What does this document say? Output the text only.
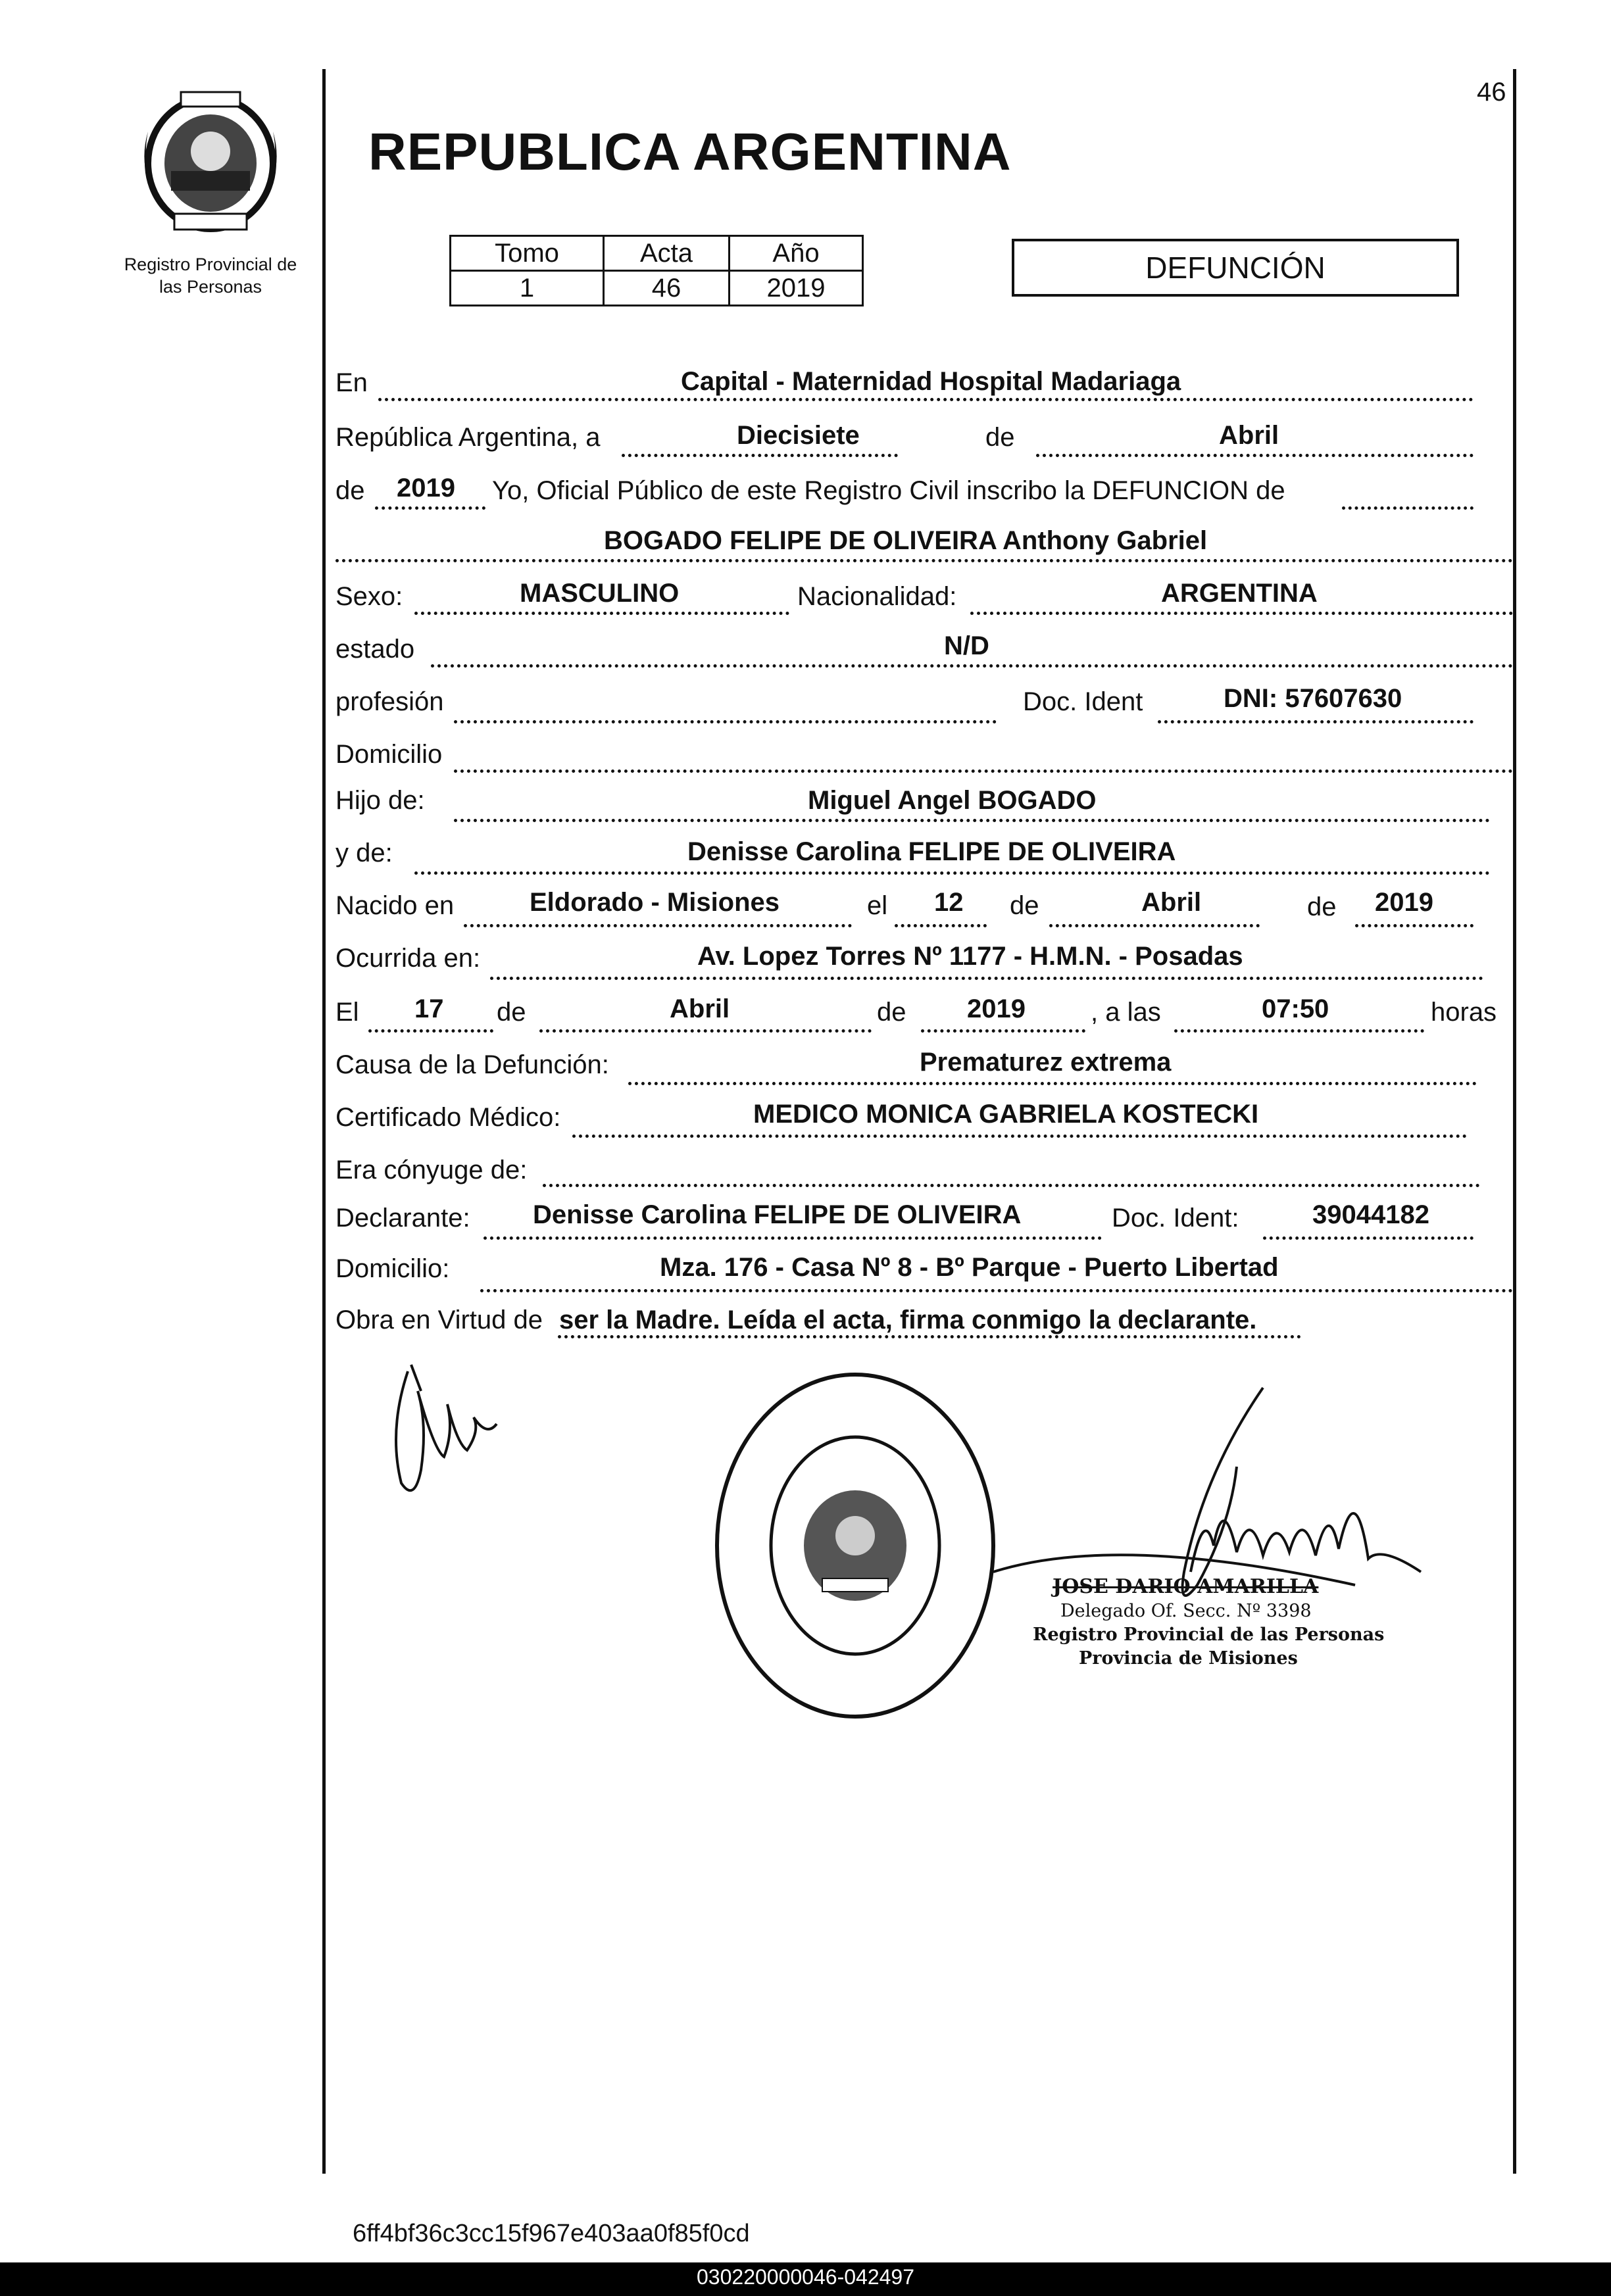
46
Registro Provincial de
las Personas
REPUBLICA ARGENTINA
Tomo	Acta	Año
1	46	2019
DEFUNCIÓN
En	Capital - Maternidad Hospital Madariaga
República Argentina, a	Diecisiete	de	Abril
de 2019 Yo, Oficial Público de este Registro Civil inscribo la DEFUNCION de
BOGADO FELIPE DE OLIVEIRA Anthony Gabriel
Sexo:	MASCULINO	Nacionalidad:	ARGENTINA
estado	N/D
profesión	Doc. Ident	DNI: 57607630
Domicilio
Hijo de:	Miguel Angel BOGADO
y de:	Denisse Carolina FELIPE DE OLIVEIRA
Nacido en	Eldorado - Misiones	el 12 de	Abril	de 2019
Ocurrida en:	Av. Lopez Torres Nº 1177 - H.M.N. - Posadas
El 17 de	Abril	de 2019 , a las	07:50	horas
Causa de la Defunción:	Prematurez extrema
Certificado Médico:	MEDICO MONICA GABRIELA KOSTECKI
Era cónyuge de:
Declarante: Denisse Carolina FELIPE DE OLIVEIRA	Doc. Ident:	39044182
Domicilio:	Mza. 176 - Casa Nº 8 - Bº Parque - Puerto Libertad
Obra en Virtud de ser la Madre. Leída el acta, firma conmigo la declarante.
JOSE DARIO AMARILLA
Delegado Of. Secc. Nº 3398
Registro Provincial de las Personas
Provincia de Misiones
6ff4bf36c3cc15f967e403aa0f85f0cd
030220000046-042497
